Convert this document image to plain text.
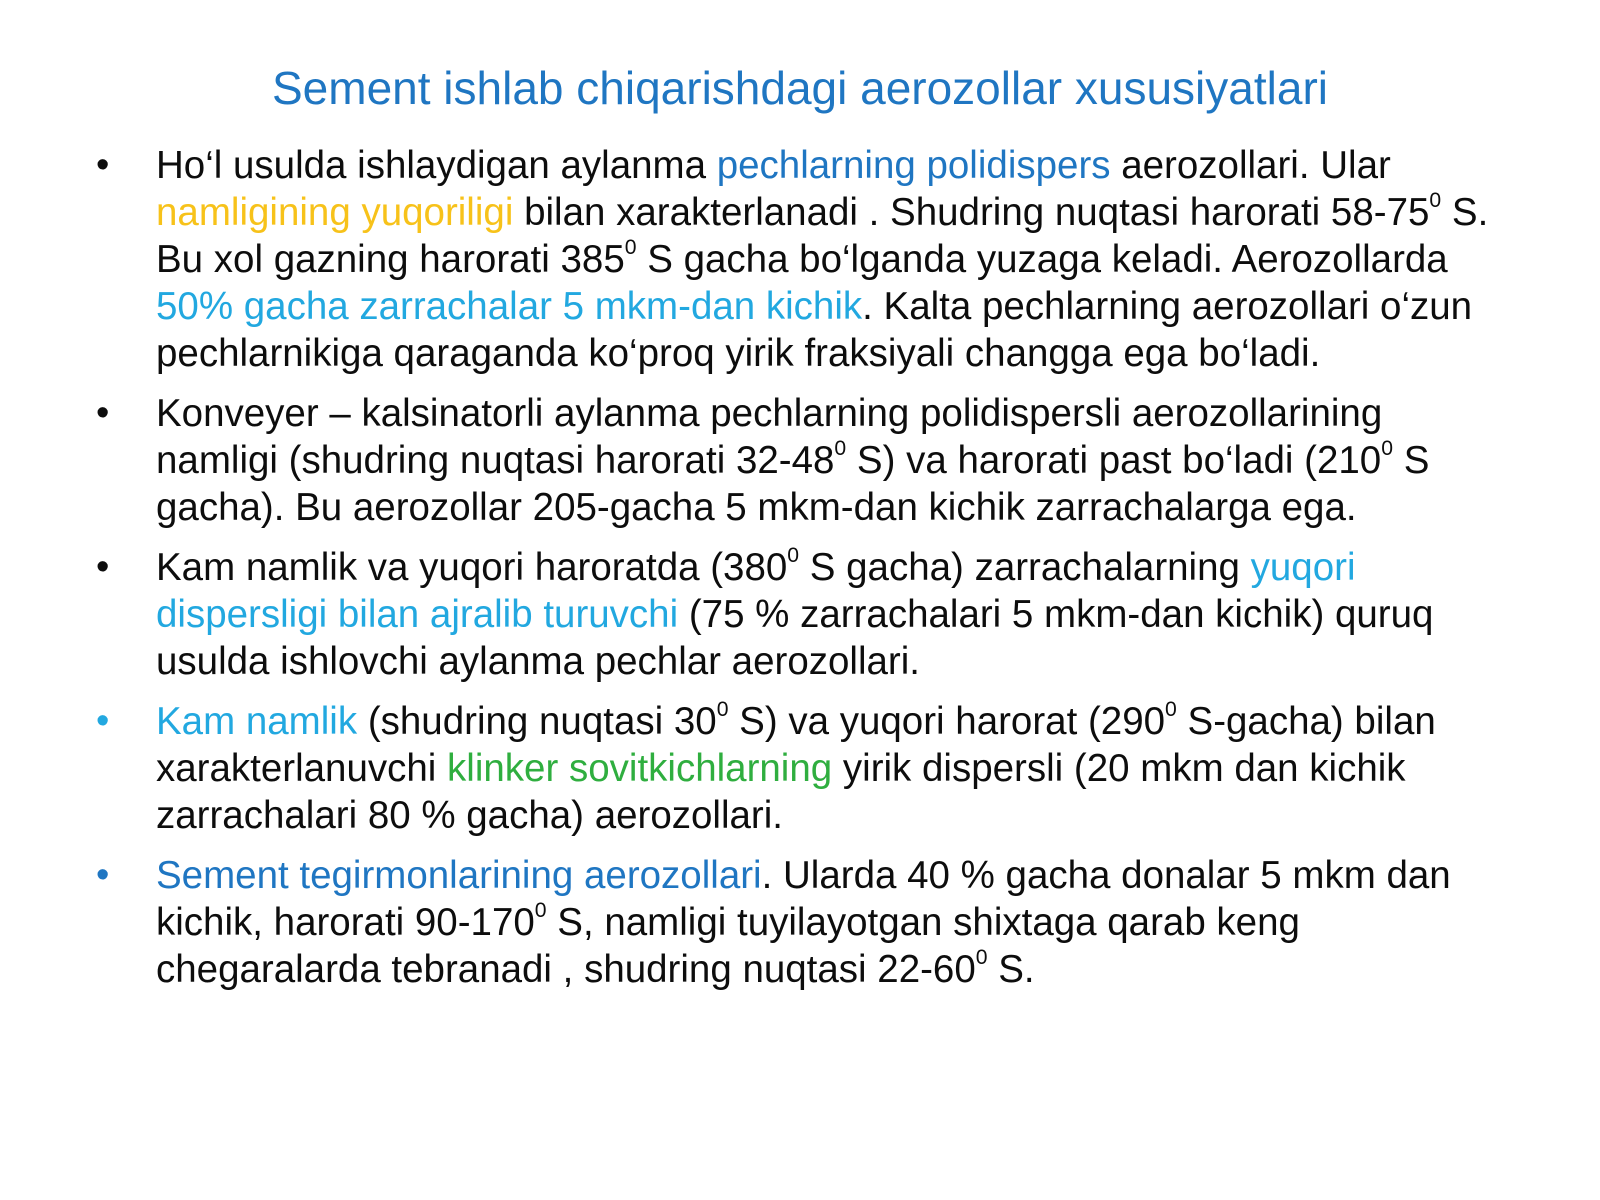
Sement ishlab chiqarishdagi aerozollar xususiyatlari
• Ho‘l usulda ishlaydigan aylanma pechlarning polidispers aerozollari. Ular namligining yuqoriligi bilan xarakterlanadi . Shudring nuqtasi harorati $58-75^0$ S. Bu xol gazning harorati $385^0$ S gacha bo‘lganda yuzaga keladi. Aerozollarda 50% gacha zarrachalar 5 mkm-dan kichik. Kalta pechlarning aerozollari o‘zun pechlarnikiga qaraganda ko‘proq yirik fraksiyali changga ega bo‘ladi.
• Konveyer – kalsinatorli aylanma pechlarning polidispersli aerozollarining namligi (shudring nuqtasi harorati $32-48^0$ S) va harorati past bo‘ladi ($210^0$ S gacha). Bu aerozollar 205-gacha 5 mkm-dan kichik zarrachalarga ega.
• Kam namlik va yuqori haroratda ($380^0$ S gacha) zarrachalarning yuqori dispersligi bilan ajralib turuvchi (75 % zarrachalari 5 mkm-dan kichik) quruq usulda ishlovchi aylanma pechlar aerozollari.
• Kam namlik (shudring nuqtasi $30^0$ S) va yuqori harorat ($290^0$ S-gacha) bilan xarakterlanuvchi klinker sovitkichlarning yirik dispersli (20 mkm dan kichik zarrachalari 80 % gacha) aerozollari.
• Sement tegirmonlarining aerozollari. Ularda 40 % gacha donalar 5 mkm dan kichik, harorati $90-170^0$ S, namligi tuyilayotgan shixtaga qarab keng chegaralarda tebranadi , shudring nuqtasi $22-60^0$ S.
